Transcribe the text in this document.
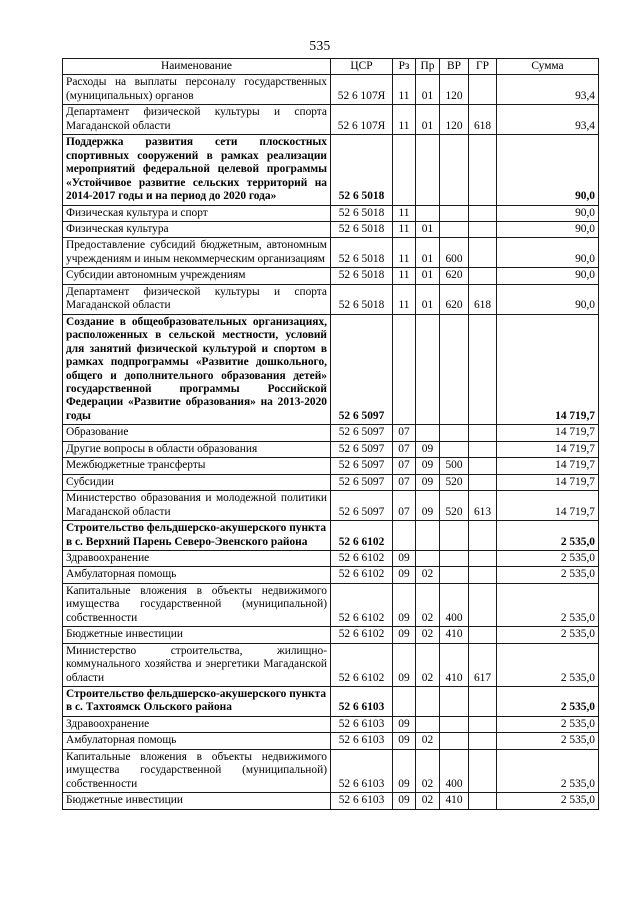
535
Наименование	ЦСР	Рз	Пр	ВР	ГР	Сумма
Расходы на выплаты персоналу государственных (муниципальных) органов	52 6 107Я	11	01	120		93,4
Департамент физической культуры и спорта Магаданской области	52 6 107Я	11	01	120	618	93,4
Поддержка развития сети плоскостных спортивных сооружений в рамках реализации мероприятий федеральной целевой программы «Устойчивое развитие сельских территорий на 2014-2017 годы и на период до 2020 года»	52 6 5018					90,0
Физическая культура и спорт	52 6 5018	11				90,0
Физическая культура	52 6 5018	11	01			90,0
Предоставление субсидий бюджетным, автономным учреждениям и иным некоммерческим организациям	52 6 5018	11	01	600		90,0
Субсидии автономным учреждениям	52 6 5018	11	01	620		90,0
Департамент физической культуры и спорта Магаданской области	52 6 5018	11	01	620	618	90,0
Создание в общеобразовательных организациях, расположенных в сельской местности, условий для занятий физической культурой и спортом в рамках подпрограммы «Развитие дошкольного, общего и дополнительного образования детей» государственной программы Российской Федерации «Развитие образования» на 2013-2020 годы	52 6 5097					14 719,7
Образование	52 6 5097	07				14 719,7
Другие вопросы в области образования	52 6 5097	07	09			14 719,7
Межбюджетные трансферты	52 6 5097	07	09	500		14 719,7
Субсидии	52 6 5097	07	09	520		14 719,7
Министерство образования и молодежной политики Магаданской области	52 6 5097	07	09	520	613	14 719,7
Строительство фельдшерско-акушерского пункта в с. Верхний Парень Северо-Эвенского района	52 6 6102					2 535,0
Здравоохранение	52 6 6102	09				2 535,0
Амбулаторная помощь	52 6 6102	09	02			2 535,0
Капитальные вложения в объекты недвижимого имущества государственной (муниципальной) собственности	52 6 6102	09	02	400		2 535,0
Бюджетные инвестиции	52 6 6102	09	02	410		2 535,0
Министерство строительства, жилищно-коммунального хозяйства и энергетики Магаданской области	52 6 6102	09	02	410	617	2 535,0
Строительство фельдшерско-акушерского пункта в с. Тахтоямск Ольского района	52 6 6103					2 535,0
Здравоохранение	52 6 6103	09				2 535,0
Амбулаторная помощь	52 6 6103	09	02			2 535,0
Капитальные вложения в объекты недвижимого имущества государственной (муниципальной) собственности	52 6 6103	09	02	400		2 535,0
Бюджетные инвестиции	52 6 6103	09	02	410		2 535,0
